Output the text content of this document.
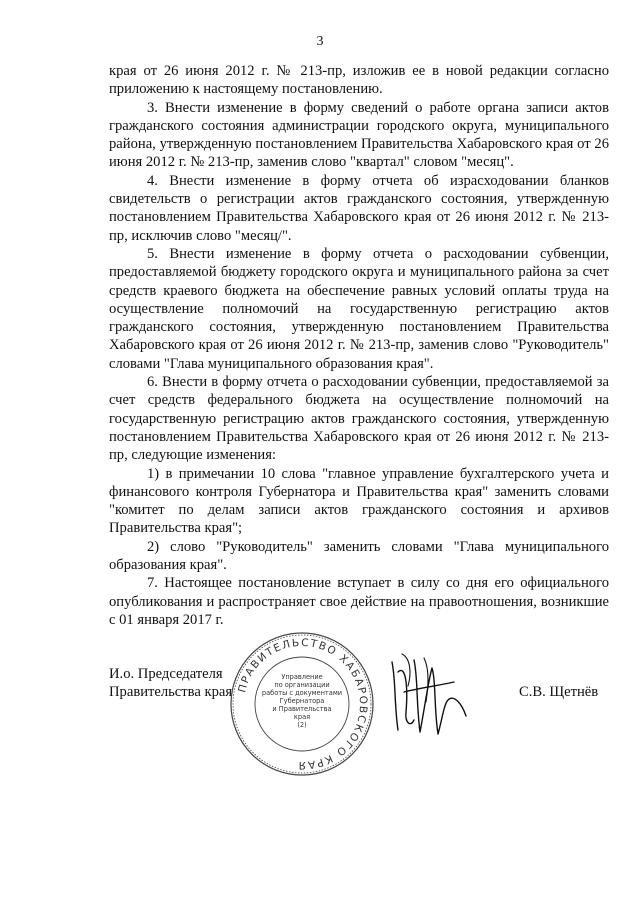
3

края от 26 июня 2012 г. № 213-пр, изложив ее в новой редакции согласно приложению к настоящему постановлению.

3. Внести изменение в форму сведений о работе органа записи актов гражданского состояния администрации городского округа, муниципального района, утвержденную постановлением Правительства Хабаровского края от 26 июня 2012 г. № 213-пр, заменив слово "квартал" словом "месяц".

4. Внести изменение в форму отчета об израсходовании бланков свидетельств о регистрации актов гражданского состояния, утвержденную постановлением Правительства Хабаровского края от 26 июня 2012 г. № 213-пр, исключив слово "месяц/".

5. Внести изменение в форму отчета о расходовании субвенции, предоставляемой бюджету городского округа и муниципального района за счет средств краевого бюджета на обеспечение равных условий оплаты труда на осуществление полномочий на государственную регистрацию актов гражданского состояния, утвержденную постановлением Правительства Хабаровского края от 26 июня 2012 г. № 213-пр, заменив слово "Руководитель" словами "Глава муниципального образования края".

6. Внести в форму отчета о расходовании субвенции, предоставляемой за счет средств федерального бюджета на осуществление полномочий на государственную регистрацию актов гражданского состояния, утвержденную постановлением Правительства Хабаровского края от 26 июня 2012 г. № 213-пр, следующие изменения:

1) в примечании 10 слова "главное управление бухгалтерского учета и финансового контроля Губернатора и Правительства края" заменить словами "комитет по делам записи актов гражданского состояния и архивов Правительства края";

2) слово "Руководитель" заменить словами "Глава муниципального образования края".

7. Настоящее постановление вступает в силу со дня его официального опубликования и распространяет свое действие на правоотношения, возникшие с 01 января 2017 г.

И.о. Председателя
Правительства края ПРАВИТЕЛЬСТВО ХАБАРОВСКОГО КРАЯ
Управление
по организации
работы с документами
Губернатора
и Правительства
края
(2)
С.В. Щетнёв
